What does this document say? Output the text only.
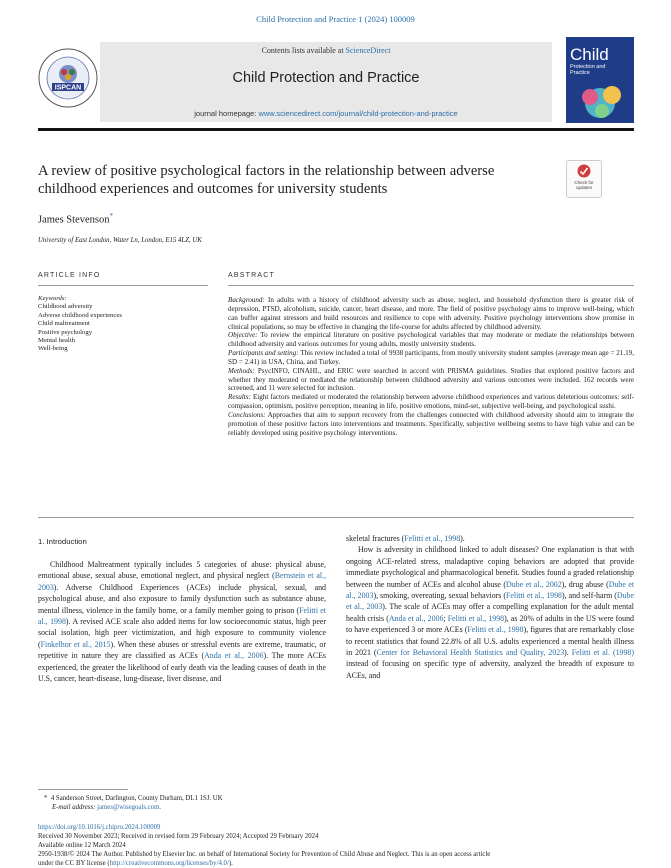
Child Protection and Practice 1 (2024) 100009
ISPCAN
Contents lists available at ScienceDirect
Child Protection and Practice
journal homepage: www.sciencedirect.com/journal/child-protection-and-practice
Child
Protection and Practice
A review of positive psychological factors in the relationship between adverse childhood experiences and outcomes for university students	Check for updates
James Stevenson*
University of East London, Water Ln, London, E15 4LZ, UK
ARTICLE INFO	ABSTRACT
Keywords:
Childhood adversity
Adverse childhood experiences
Child maltreatment
Positive psychology
Mental health
Well-being

Background: In adults with a history of childhood adversity such as abuse, neglect, and household dysfunction there is greater risk of depression, PTSD, alcoholism, suicide, cancer, heart disease, and more. The field of positive psychology aims to improve well-being, which can buffer against stressors and build resources and resilience to cope with adversity. Positive psychology interventions show promise in clinical populations, so may be effective in changing the life-course for adults affected by childhood adversity.

Objective: To review the empirical literature on positive psychological variables that may moderate or mediate the relationships between childhood adversity and various outcomes for young adults, mostly university students.

Participants and setting: This review included a total of 9938 participants, from mostly university student samples (average mean age = 21.19, SD = 2.41) in USA, China, and Turkey.

Methods: PsycINFO, CINAHL, and ERIC were searched in accord with PRISMA guidelines. Studies that explored positive factors and whether they moderated or mediated the relationship between childhood adversity and various outcomes were included. 162 records were screened, and 11 were selected for inclusion.

Results: Eight factors mediated or moderated the relationship between adverse childhood experiences and various deleterious outcomes: self-compassion, optimism, positive perception, meaning in life, positive emotions, mind-set, subjective well-being, and psychological sushi.

Conclusions: Approaches that aim to support recovery from the challenges connected with childhood adversity should aim to integrate the promotion of these positive factors into interventions and treatments. Specifically, subjective wellbeing seems to have high value and can be reliably developed using positive psychology interventions.

1. Introduction

Childhood Maltreatment typically includes 5 categories of abuse: physical abuse, emotional abuse, sexual abuse, emotional neglect, and physical neglect (Bernstein et al., 2003). Adverse Childhood Experiences (ACEs) include physical, sexual, and psychological abuse, and also exposure to family dysfunction such as substance abuse, mental illness, violence in the family home, or a family member going to prison (Felitti et al., 1998). A revised ACE scale also added items for low socioeconomic status, high peer social isolation, high peer victimization, and high exposure to community violence (Finkelhor et al., 2015). When these abuses or stressful events are extreme, traumatic, or repetitive in nature they are classified as ACEs (Anda et al., 2006). The more ACEs experienced, the greater the likelihood of early death via the leading causes of death in the U.S, cancer, heart-disease, lung-disease, liver disease, and

skeletal fractures (Felitti et al., 1998).

How is adversity in childhood linked to adult diseases? One explanation is that with ongoing ACE-related stress, maladaptive coping behaviors are adopted that provide immediate psychological and pharmacological benefit. Studies found a graded relationship between the number of ACEs and alcohol abuse (Dube et al., 2002), drug abuse (Dube et al., 2003), smoking, overeating, sexual behaviors (Felitti et al., 1998), and self-harm (Dube et al., 2003). The scale of ACEs may offer a compelling explanation for the adult mental health crisis (Anda et al., 2006; Felitti et al., 1998), as 20% of adults in the US were found to have experienced 3 or more ACEs (Felitti et al., 1998), figures that are remarkably close to recent statistics that found 22.8% of all U.S. adults experienced a mental health illness in 2021 (Center for Behavioral Health Statistics and Quality, 2023). Felitti et al. (1998) instead of focusing on specific type of adversity, analyzed the breadth of exposure to ACEs, and

* 4 Sanderson Street, Darlington, County Durham, DL1 1SJ. UK
E-mail address: james@wisegoals.com.
https://doi.org/10.1016/j.chipro.2024.100009
Received 30 November 2023; Received in revised form 29 February 2024; Accepted 29 February 2024
Available online 12 March 2024
2950-1938/© 2024 The Author. Published by Elsevier Inc. on behalf of International Society for Prevention of Child Abuse and Neglect. This is an open access article
under the CC BY license (http://creativecommons.org/licenses/by/4.0/).
